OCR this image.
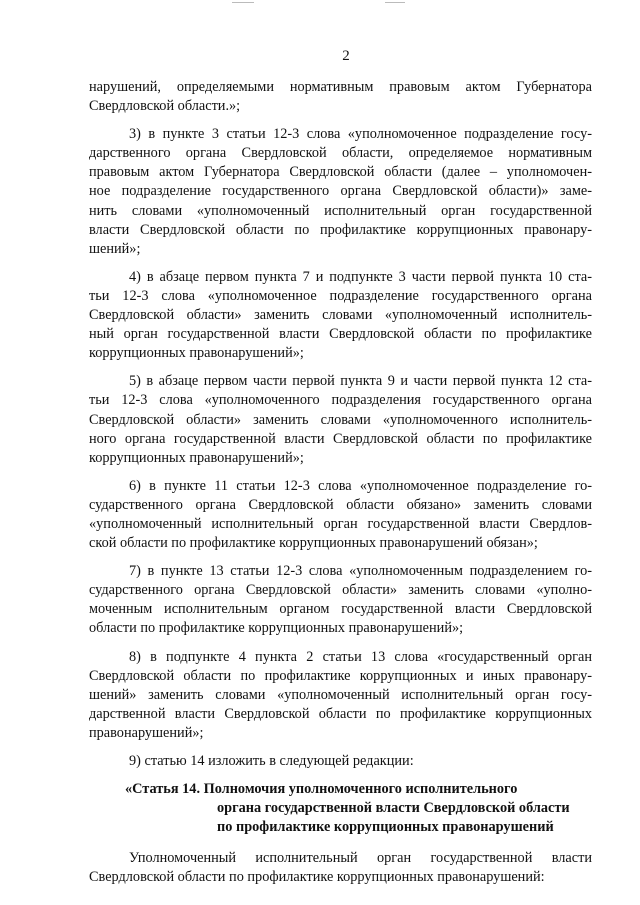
2
нарушений, определяемыми нормативным правовым актом Губернатора
Свердловской области.»;
3) в пункте 3 статьи 12-3 слова «уполномоченное подразделение госу-
дарственного органа Свердловской области, определяемое нормативным
правовым актом Губернатора Свердловской области (далее – уполномочен-
ное подразделение государственного органа Свердловской области)» заме-
нить словами «уполномоченный исполнительный орган государственной
власти Свердловской области по профилактике коррупционных правонару-
шений»;
4) в абзаце первом пункта 7 и подпункте 3 части первой пункта 10 ста-
тьи 12-3 слова «уполномоченное подразделение государственного органа
Свердловской области» заменить словами «уполномоченный исполнитель-
ный орган государственной власти Свердловской области по профилактике
коррупционных правонарушений»;
5) в абзаце первом части первой пункта 9 и части первой пункта 12 ста-
тьи 12-3 слова «уполномоченного подразделения государственного органа
Свердловской области» заменить словами «уполномоченного исполнитель-
ного органа государственной власти Свердловской области по профилактике
коррупционных правонарушений»;
6) в пункте 11 статьи 12-3 слова «уполномоченное подразделение го-
сударственного органа Свердловской области обязано» заменить словами
«уполномоченный исполнительный орган государственной власти Свердлов-
ской области по профилактике коррупционных правонарушений обязан»;
7) в пункте 13 статьи 12-3 слова «уполномоченным подразделением го-
сударственного органа Свердловской области» заменить словами «уполно-
моченным исполнительным органом государственной власти Свердловской
области по профилактике коррупционных правонарушений»;
8) в подпункте 4 пункта 2 статьи 13 слова «государственный орган
Свердловской области по профилактике коррупционных и иных правонару-
шений» заменить словами «уполномоченный исполнительный орган госу-
дарственной власти Свердловской области по профилактике коррупционных
правонарушений»;
9) статью 14 изложить в следующей редакции:
«Статья 14. Полномочия уполномоченного исполнительного
органа государственной власти Свердловской области
по профилактике коррупционных правонарушений
Уполномоченный исполнительный орган государственной власти
Свердловской области по профилактике коррупционных правонарушений:
